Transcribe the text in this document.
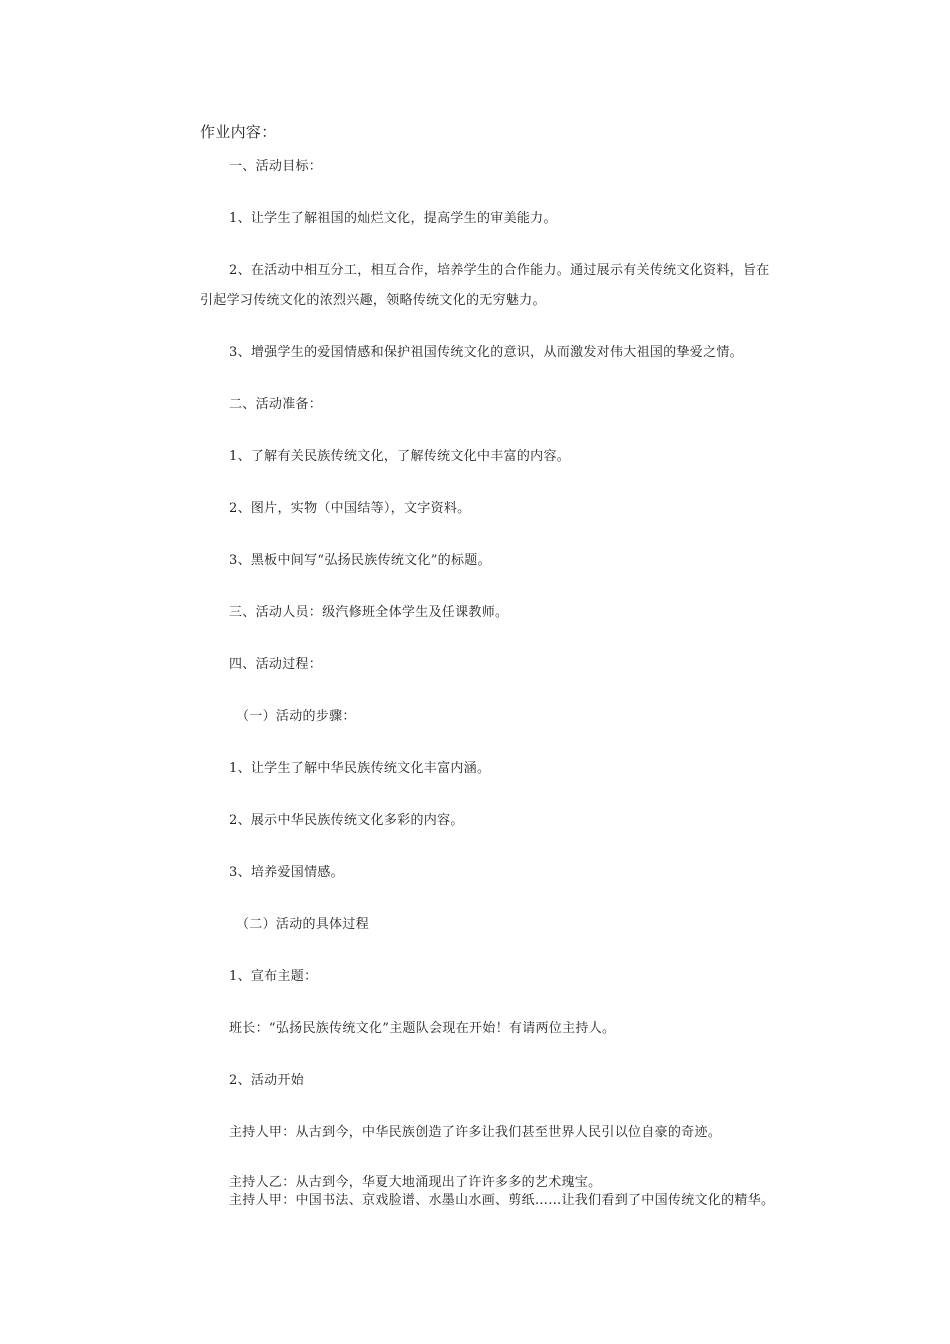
作业内容：
一、活动目标：
1、让学生了解祖国的灿烂文化，提高学生的审美能力。
2、在活动中相互分工，相互合作，培养学生的合作能力。通过展示有关传统文化资料，旨在
引起学习传统文化的浓烈兴趣，领略传统文化的无穷魅力。
3、增强学生的爱国情感和保护祖国传统文化的意识，从而激发对伟大祖国的挚爱之情。
二、活动准备：
1、了解有关民族传统文化，了解传统文化中丰富的内容。
2、图片，实物（中国结等），文字资料。
3、黑板中间写“弘扬民族传统文化”的标题。
三、活动人员：级汽修班全体学生及任课教师。
四、活动过程：
（一）活动的步骤：
1、让学生了解中华民族传统文化丰富内涵。
2、展示中华民族传统文化多彩的内容。
3、培养爱国情感。
（二）活动的具体过程
1、宣布主题：
班长：“弘扬民族传统文化”主题队会现在开始！有请两位主持人。
2、活动开始
主持人甲：从古到今，中华民族创造了许多让我们甚至世界人民引以位自豪的奇迹。
主持人乙：从古到今，华夏大地涌现出了许许多多的艺术瑰宝。
主持人甲：中国书法、京戏脸谱、水墨山水画、剪纸……让我们看到了中国传统文化的精华。
